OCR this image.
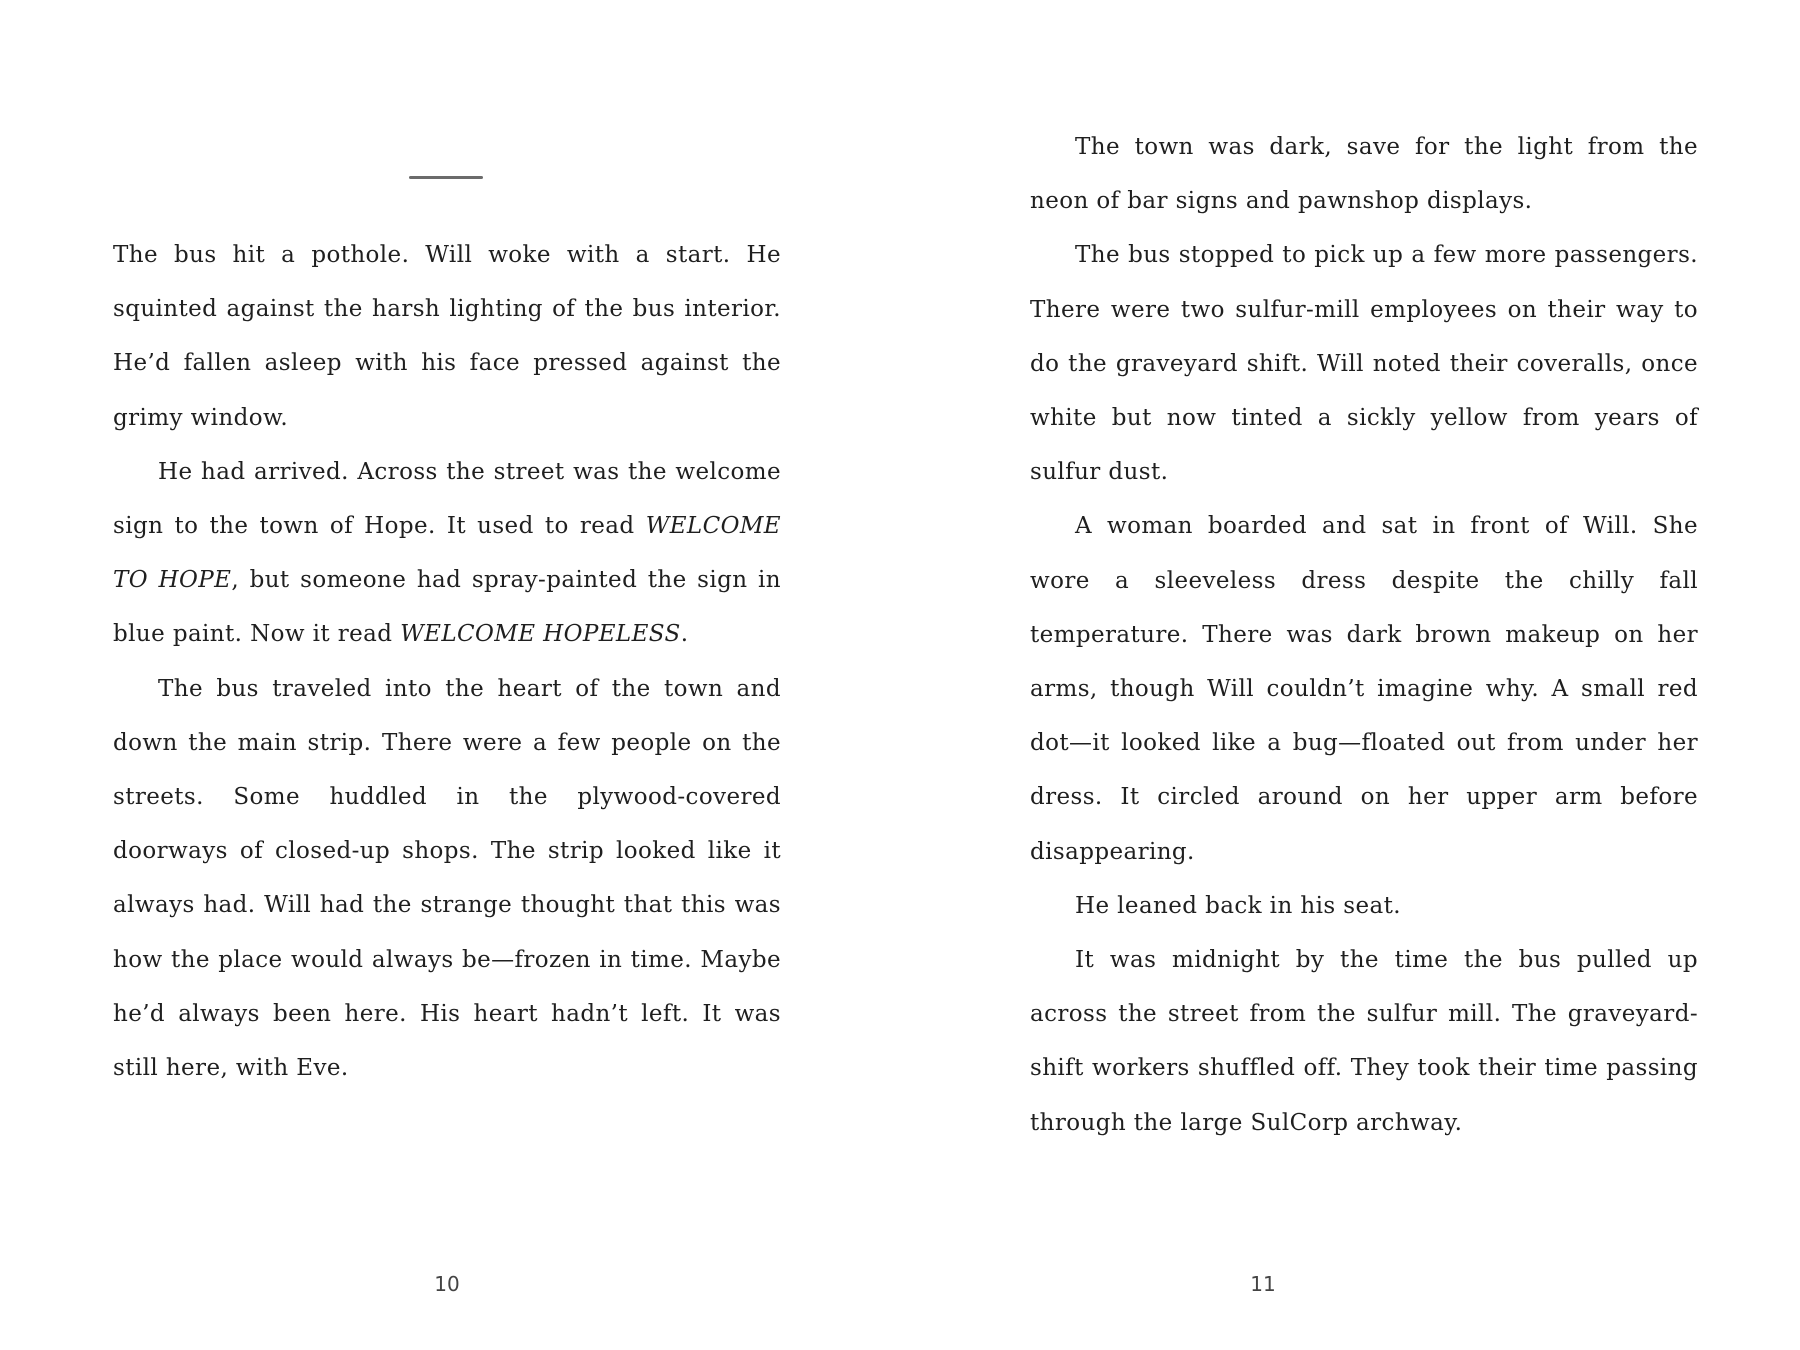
The bus hit a pothole. Will woke with a start. He squinted against the harsh lighting of the bus interior. He’d fallen asleep with his face pressed against the grimy window.

He had arrived. Across the street was the welcome sign to the town of Hope. It used to read WELCOME TO HOPE, but someone had spray-painted the sign in blue paint. Now it read WELCOME HOPELESS.

The bus traveled into the heart of the town and down the main strip. There were a few people on the streets. Some huddled in the plywood-covered doorways of closed-up shops. The strip looked like it always had. Will had the strange thought that this was how the place would always be—frozen in time. Maybe he’d always been here. His heart hadn’t left. It was still here, with Eve.

10

The town was dark, save for the light from the neon of bar signs and pawnshop displays.

The bus stopped to pick up a few more passengers. There were two sulfur-mill employees on their way to do the graveyard shift. Will noted their coveralls, once white but now tinted a sickly yellow from years of sulfur dust.

A woman boarded and sat in front of Will. She wore a sleeveless dress despite the chilly fall temperature. There was dark brown makeup on her arms, though Will couldn’t imagine why. A small red dot—it looked like a bug—floated out from under her dress. It circled around on her upper arm before disappearing.

He leaned back in his seat.

It was midnight by the time the bus pulled up across the street from the sulfur mill. The graveyard-shift workers shuffled off. They took their time passing through the large SulCorp archway.

11
